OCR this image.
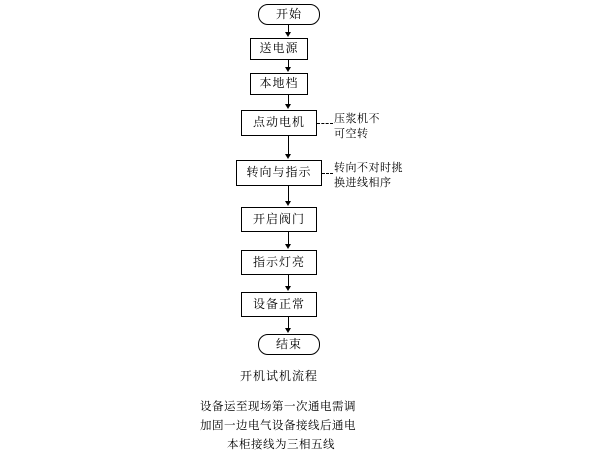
开始
送电源
本地档
点动电机
转向与指示
开启阀门
指示灯亮
设备正常
结束
压浆机不
可空转
转向不对时挑
换进线相序
开机试机流程
设备运至现场第一次通电需调
加固一边电气设备接线后通电
本柜接线为三相五线
